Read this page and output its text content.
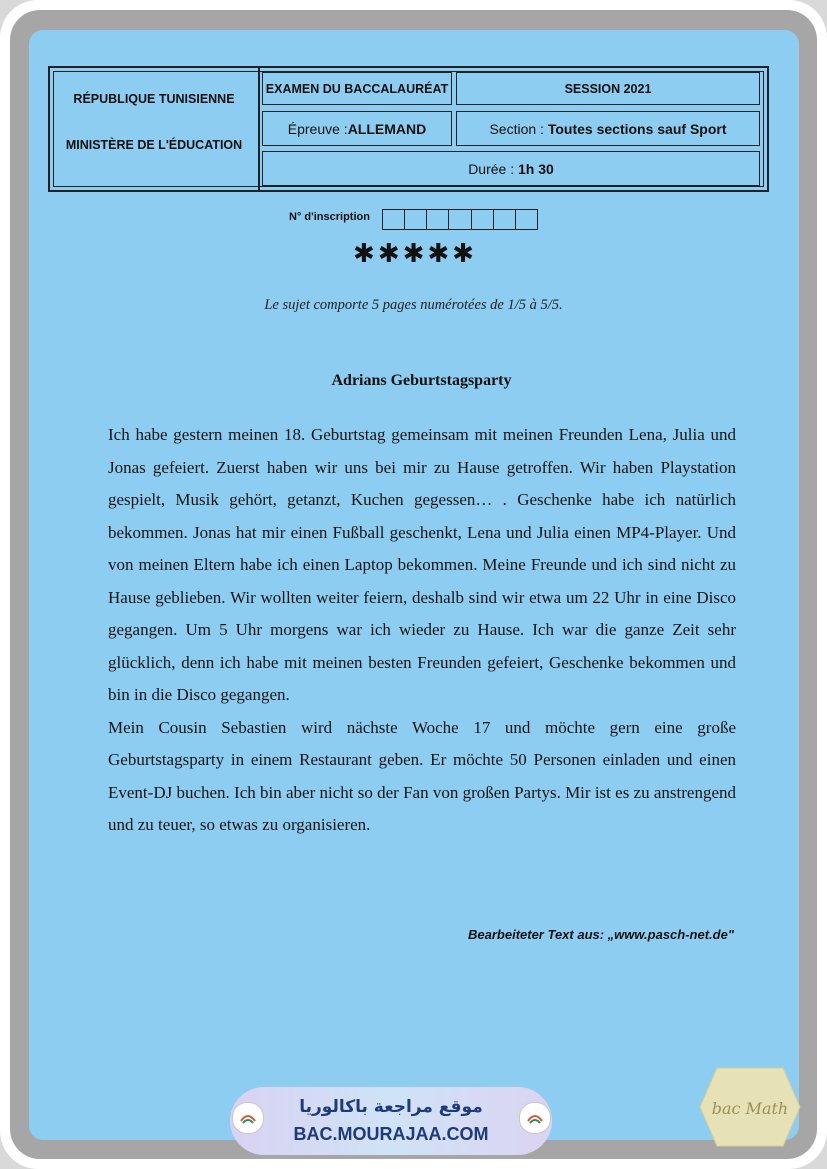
RÉPUBLIQUE TUNISIENNE
MINISTÈRE DE L'ÉDUCATION
EXAMEN DU BACCALAURÉAT	SESSION 2021
Épreuve : ALLEMAND	Section : Toutes sections sauf Sport
Durée : 1h 30
N° d'inscription
✱✱✱✱✱
Le sujet comporte 5 pages numérotées de 1/5 à 5/5.
Adrians Geburtstagsparty

Ich habe gestern meinen 18. Geburtstag gemeinsam mit meinen Freunden Lena, Julia und Jonas gefeiert. Zuerst haben wir uns bei mir zu Hause getroffen. Wir haben Playstation gespielt, Musik gehört, getanzt, Kuchen gegessen… . Geschenke habe ich natürlich bekommen. Jonas hat mir einen Fußball geschenkt, Lena und Julia einen MP4-Player. Und von meinen Eltern habe ich einen Laptop bekommen. Meine Freunde und ich sind nicht zu Hause geblieben. Wir wollten weiter feiern, deshalb sind wir etwa um 22 Uhr in eine Disco gegangen. Um 5 Uhr morgens war ich wieder zu Hause. Ich war die ganze Zeit sehr glücklich, denn ich habe mit meinen besten Freunden gefeiert, Geschenke bekommen und bin in die Disco gegangen.

Mein Cousin Sebastien wird nächste Woche 17 und möchte gern eine große Geburtstagsparty in einem Restaurant geben. Er möchte 50 Personen einladen und einen Event-DJ buchen. Ich bin aber nicht so der Fan von großen Partys. Mir ist es zu anstrengend und zu teuer, so etwas zu organisieren.

Bearbeiteter Text aus: „www.pasch-net.de"
موقع مراجعة باكالوريا
BAC.MOURAJAA.COM
bac Math
